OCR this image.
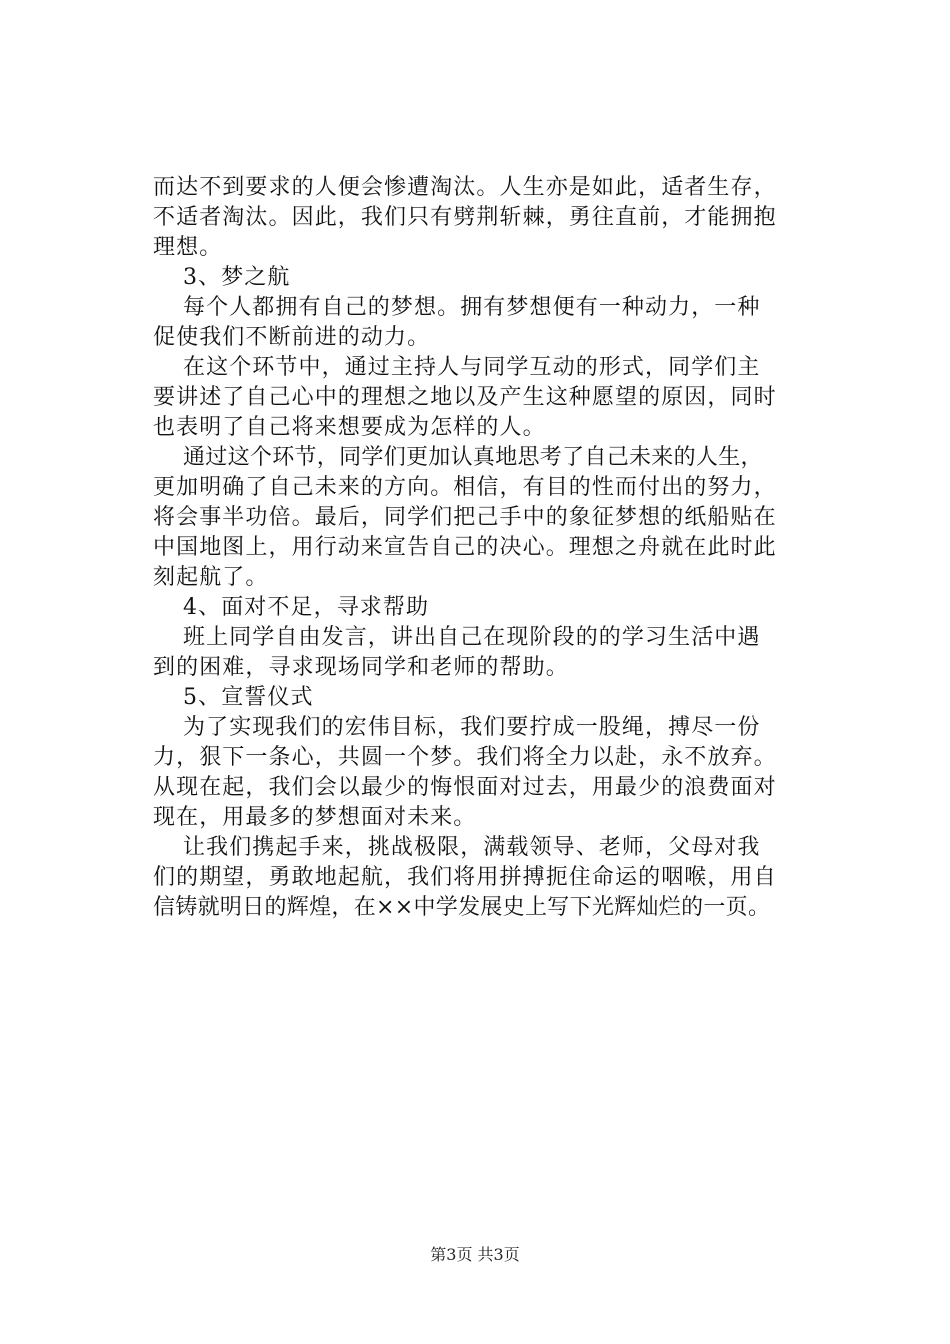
而达不到要求的人便会惨遭淘汰。人生亦是如此，适者生存，
不适者淘汰。因此，我们只有劈荆斩棘，勇往直前，才能拥抱
理想。
3、梦之航
每个人都拥有自己的梦想。拥有梦想便有一种动力，一种
促使我们不断前进的动力。
在这个环节中，通过主持人与同学互动的形式，同学们主
要讲述了自己心中的理想之地以及产生这种愿望的原因，同时
也表明了自己将来想要成为怎样的人。
通过这个环节，同学们更加认真地思考了自己未来的人生，
更加明确了自己未来的方向。相信，有目的性而付出的努力，
将会事半功倍。最后，同学们把己手中的象征梦想的纸船贴在
中国地图上，用行动来宣告自己的决心。理想之舟就在此时此
刻起航了。
4、面对不足，寻求帮助
班上同学自由发言，讲出自己在现阶段的的学习生活中遇
到的困难，寻求现场同学和老师的帮助。
5、宣誓仪式
为了实现我们的宏伟目标，我们要拧成一股绳，搏尽一份
力，狠下一条心，共圆一个梦。我们将全力以赴，永不放弃。
从现在起，我们会以最少的悔恨面对过去，用最少的浪费面对
现在，用最多的梦想面对未来。
让我们携起手来，挑战极限，满载领导、老师，父母对我
们的期望，勇敢地起航，我们将用拼搏扼住命运的咽喉，用自
信铸就明日的辉煌，在××中学发展史上写下光辉灿烂的一页。
第3页 共3页
